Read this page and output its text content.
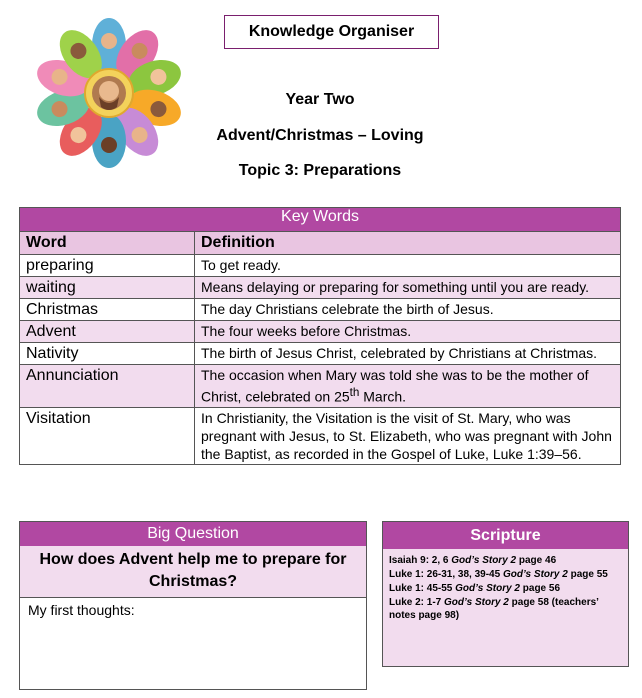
Knowledge Organiser
Year Two
Advent/Christmas – Loving
Topic 3: Preparations
Key Words	
Word	Definition
preparing	To get ready.
waiting	Means delaying or preparing for something until you are ready.
Christmas	The day Christians celebrate the birth of Jesus.
Advent	The four weeks before Christmas.
Nativity	The birth of Jesus Christ, celebrated by Christians at Christmas.
Annunciation	The occasion when Mary was told she was to be the mother of Christ, celebrated on 25th March.
Visitation	In Christianity, the Visitation is the visit of St. Mary, who was pregnant with Jesus, to St. Elizabeth, who was pregnant with John the Baptist, as recorded in the Gospel of Luke, Luke 1:39–56.
Big Question
How does Advent help me to prepare for Christmas?
My first thoughts:
Scripture
Isaiah 9: 2, 6 God’s Story 2 page 46
Luke 1: 26-31, 38, 39-45 God’s Story 2 page 55
Luke 1: 45-55 God’s Story 2 page 56
Luke 2: 1-7 God’s Story 2 page 58 (teachers’ notes page 98)
